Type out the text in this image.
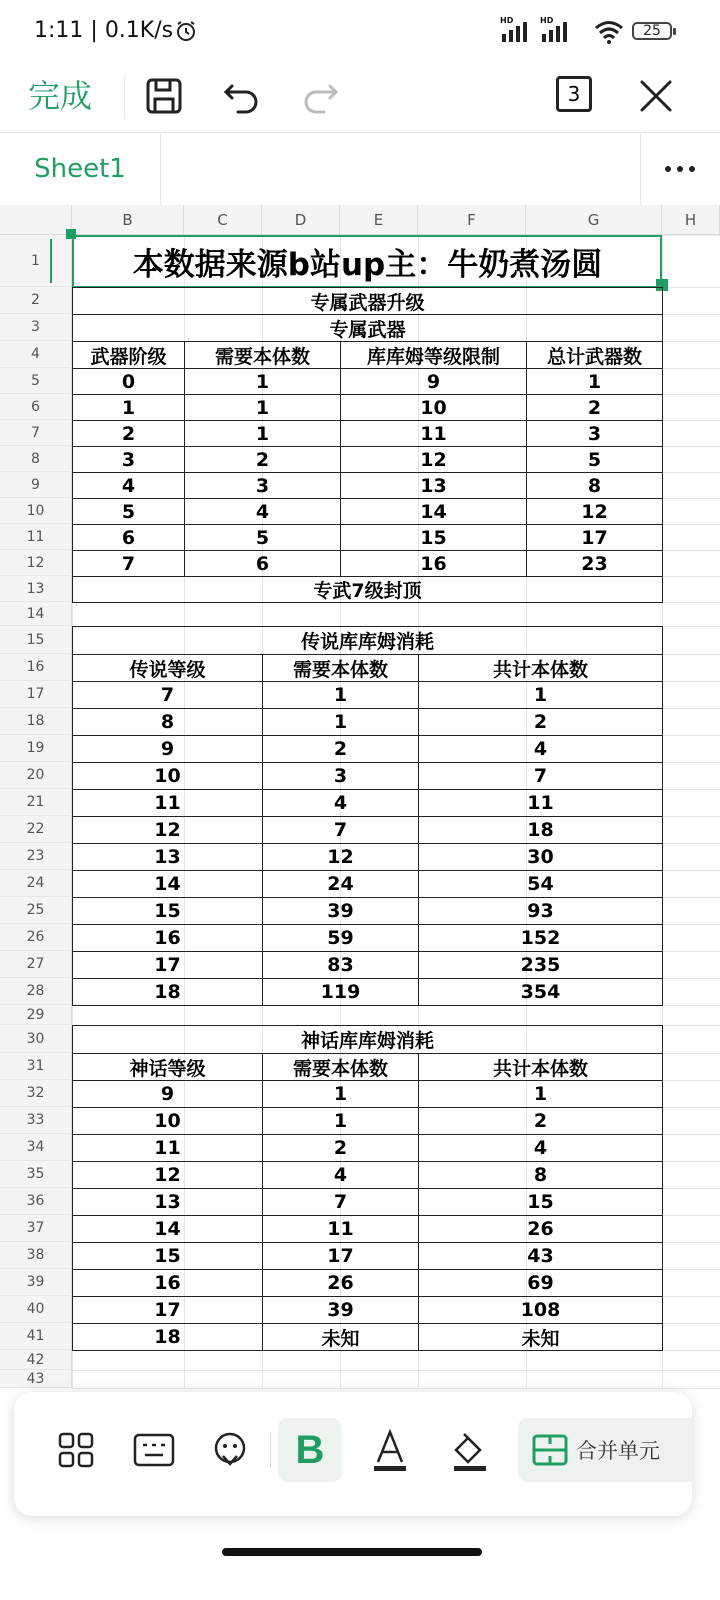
1:11 | 0.1K/s	HD	HD
25
完成	3
Sheet1
B	C	D	E	F	G	H
1
2
3
4
5
6
7
8
9
10
11
12
13
14
15
16
17
18
19
20
21
22
23
24
25
26
27
28
29
30
31
32
33
34
35
36
37
38
39
40
41
42
43
本数据来源b站up主：牛奶煮汤圆
专属武器升级
专属武器
武器阶级	需要本体数	库库姆等级限制	总计武器数
0	1	9	1
1	1	10	2
2	1	11	3
3	2	12	5
4	3	13	8
5	4	14	12
6	5	15	17
7	6	16	23
专武7级封顶
传说库库姆消耗
传说等级	需要本体数	共计本体数
7	1	1
8	1	2
9	2	4
10	3	7
11	4	11
12	7	18
13	12	30
14	24	54
15	39	93
16	59	152
17	83	235
18	119	354
神话库库姆消耗
神话等级	需要本体数	共计本体数
9	1	1
10	1	2
11	2	4
12	4	8
13	7	15
14	11	26
15	17	43
16	26	69
17	39	108
18	未知	未知
B	合并单元
